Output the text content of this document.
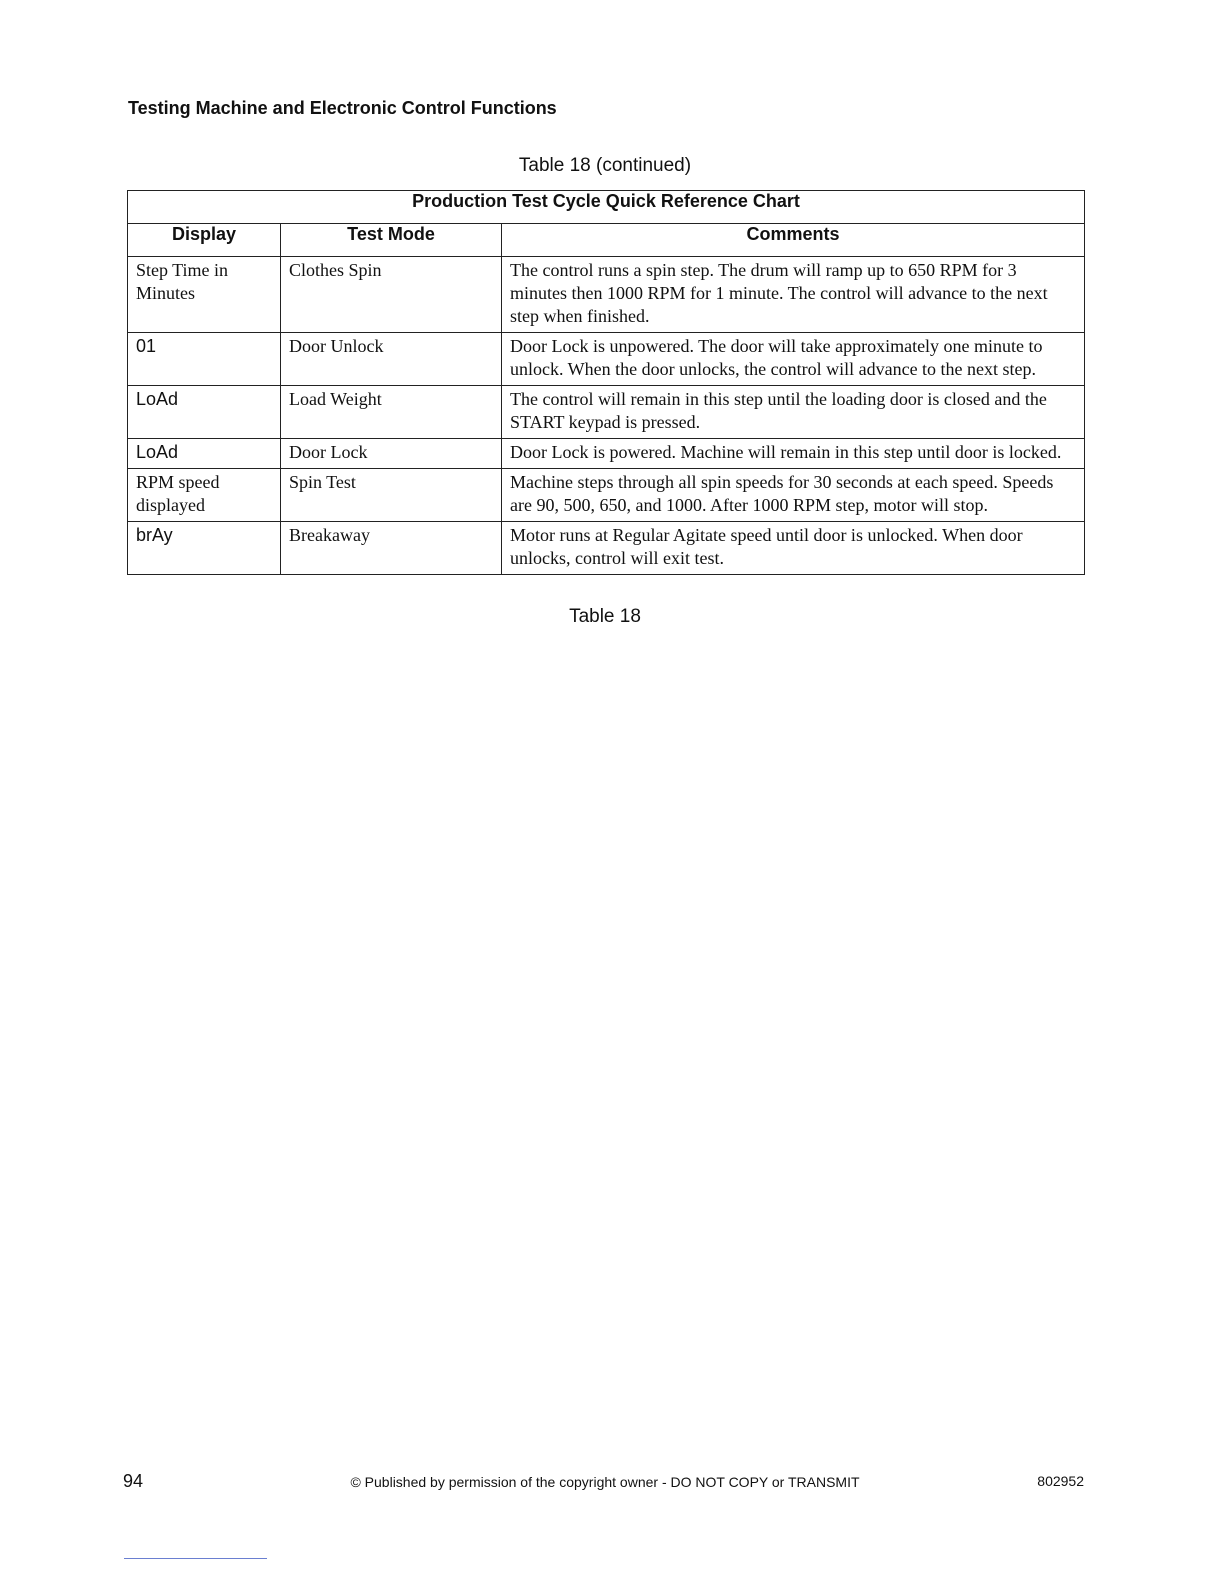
Testing Machine and Electronic Control Functions
Table 18 (continued)
Production Test Cycle Quick Reference Chart		
Display	Test Mode	Comments
Step Time in Minutes	Clothes Spin	The control runs a spin step. The drum will ramp up to 650 RPM for 3 minutes then 1000 RPM for 1 minute. The control will advance to the next step when finished.
01	Door Unlock	Door Lock is unpowered. The door will take approximately one minute to unlock. When the door unlocks, the control will advance to the next step.
LoAd	Load Weight	The control will remain in this step until the loading door is closed and the START keypad is pressed.
LoAd	Door Lock	Door Lock is powered. Machine will remain in this step until door is locked.
RPM speed displayed	Spin Test	Machine steps through all spin speeds for 30 seconds at each speed. Speeds are 90, 500, 650, and 1000. After 1000 RPM step, motor will stop.
brAy	Breakaway	Motor runs at Regular Agitate speed until door is unlocked. When door unlocks, control will exit test.
Table 18
94	© Published by permission of the copyright owner - DO NOT COPY or TRANSMIT	802952
